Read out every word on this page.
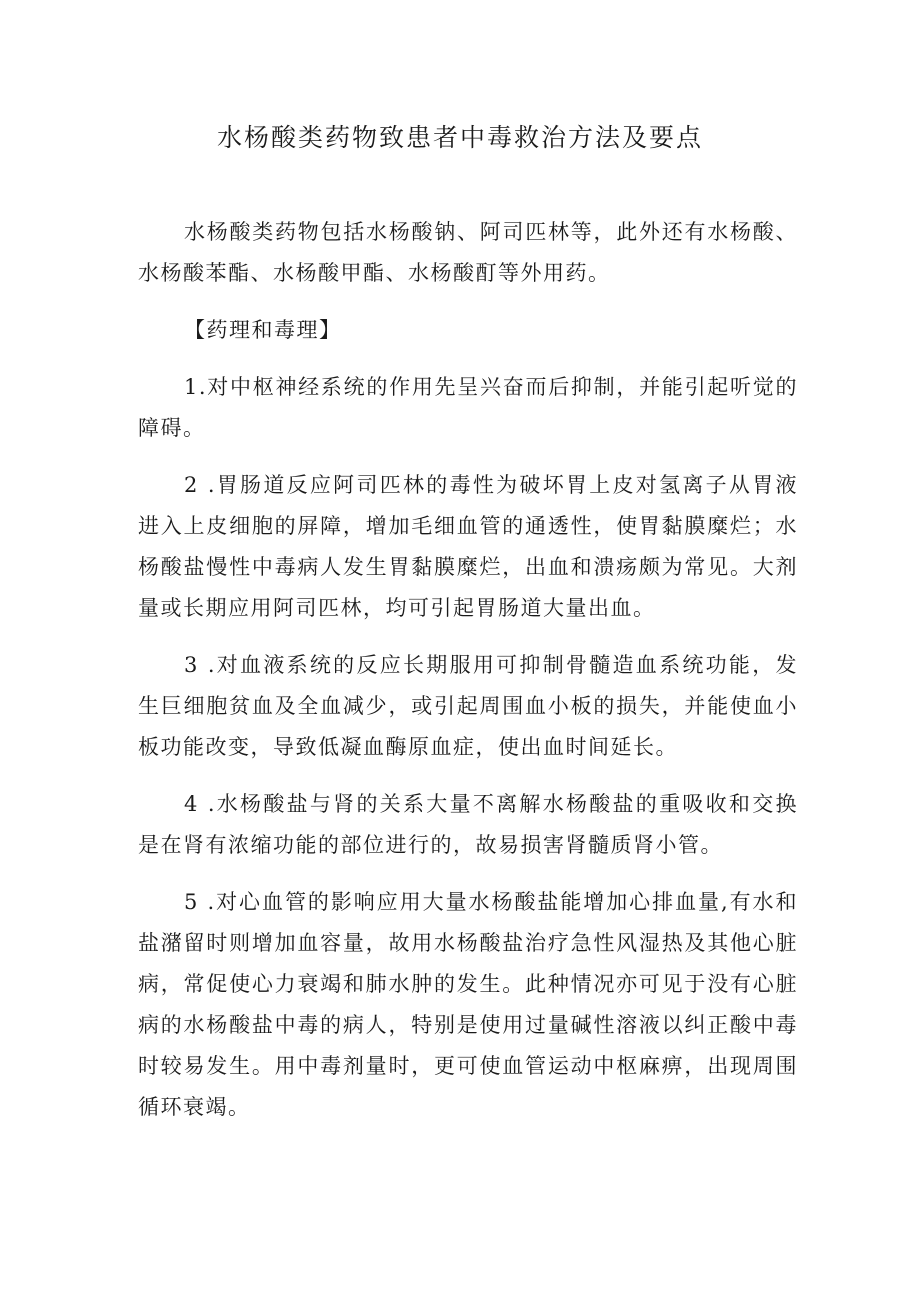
水杨酸类药物致患者中毒救治方法及要点

水杨酸类药物包括水杨酸钠、阿司匹林等，此外还有水杨酸、水杨酸苯酯、水杨酸甲酯、水杨酸酊等外用药。

【药理和毒理】

1.对中枢神经系统的作用先呈兴奋而后抑制，并能引起听觉的障碍。

2 .胃肠道反应阿司匹林的毒性为破坏胃上皮对氢离子从胃液进入上皮细胞的屏障，增加毛细血管的通透性，使胃黏膜糜烂；水杨酸盐慢性中毒病人发生胃黏膜糜烂，出血和溃疡颇为常见。大剂量或长期应用阿司匹林，均可引起胃肠道大量出血。

3 .对血液系统的反应长期服用可抑制骨髓造血系统功能，发生巨细胞贫血及全血减少，或引起周围血小板的损失，并能使血小板功能改变，导致低凝血酶原血症，使出血时间延长。

4 .水杨酸盐与肾的关系大量不离解水杨酸盐的重吸收和交换是在肾有浓缩功能的部位进行的，故易损害肾髓质肾小管。

5 .对心血管的影响应用大量水杨酸盐能增加心排血量,有水和盐潴留时则增加血容量，故用水杨酸盐治疗急性风湿热及其他心脏病，常促使心力衰竭和肺水肿的发生。此种情况亦可见于没有心脏病的水杨酸盐中毒的病人，特别是使用过量碱性溶液以纠正酸中毒时较易发生。用中毒剂量时，更可使血管运动中枢麻痹，出现周围循环衰竭。
